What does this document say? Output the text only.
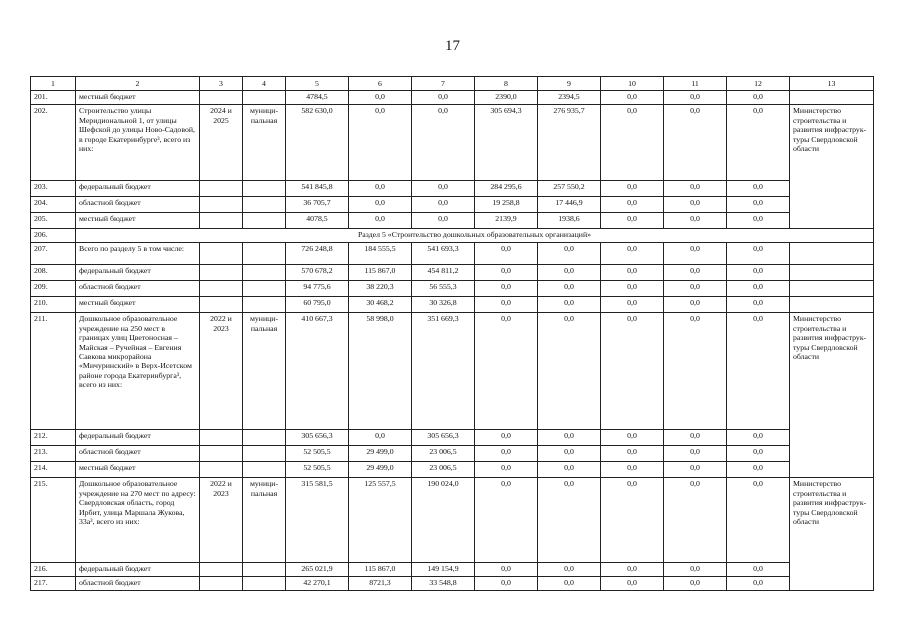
17
1	2	3	4	5	6	7	8	9	10	11	12	13
201.	местный бюджет			4784,5	0,0	0,0	2390,0	2394,5	0,0	0,0	0,0	
202.	Строительство улицы Меридиональной 1, от улицы Шефской до улицы Ново-Садовой, в городе Екатеринбурге³, всего из них:	2024 и 2025	муници-пальная	582 630,0	0,0	0,0	305 694,3	276 935,7	0,0	0,0	0,0	Министерство строительства и развития инфраструк-туры Свердловской области
203.	федеральный бюджет			541 845,8	0,0	0,0	284 295,6	257 550,2	0,0	0,0	0,0	
204.	областной бюджет			36 705,7	0,0	0,0	19 258,8	17 446,9	0,0	0,0	0,0	
205.	местный бюджет			4078,5	0,0	0,0	2139,9	1938,6	0,0	0,0	0,0	
206.	Раздел 5 «Строительство дошкольных образовательных организаций»											
207.	Всего по разделу 5 в том числе:			726 248,8	184 555,5	541 693,3	0,0	0,0	0,0	0,0	0,0	
208.	федеральный бюджет			570 678,2	115 867,0	454 811,2	0,0	0,0	0,0	0,0	0,0	
209.	областной бюджет			94 775,6	38 220,3	56 555,3	0,0	0,0	0,0	0,0	0,0	
210.	местный бюджет			60 795,0	30 468,2	30 326,8	0,0	0,0	0,0	0,0	0,0	
211.	Дошкольное образовательное учреждение на 250 мест в границах улиц Цветоносная – Майская – Ручейная – Евгения Савкова микрорайона «Мичуринский» в Верх-Исетском районе города Екатеринбурга³, всего из них:	2022 и 2023	муници-пальная	410 667,3	58 998,0	351 669,3	0,0	0,0	0,0	0,0	0,0	Министерство строительства и развития инфраструк-туры Свердловской области
212.	федеральный бюджет			305 656,3	0,0	305 656,3	0,0	0,0	0,0	0,0	0,0	
213.	областной бюджет			52 505,5	29 499,0	23 006,5	0,0	0,0	0,0	0,0	0,0	
214.	местный бюджет			52 505,5	29 499,0	23 006,5	0,0	0,0	0,0	0,0	0,0	
215.	Дошкольное образовательное учреждение на 270 мест по адресу: Свердловская область, город Ирбит, улица Маршала Жукова, 33а³, всего из них:	2022 и 2023	муници-пальная	315 581,5	125 557,5	190 024,0	0,0	0,0	0,0	0,0	0,0	Министерство строительства и развития инфраструк-туры Свердловской области
216.	федеральный бюджет			265 021,9	115 867,0	149 154,9	0,0	0,0	0,0	0,0	0,0	
217.	областной бюджет			42 270,1	8721,3	33 548,8	0,0	0,0	0,0	0,0	0,0	
